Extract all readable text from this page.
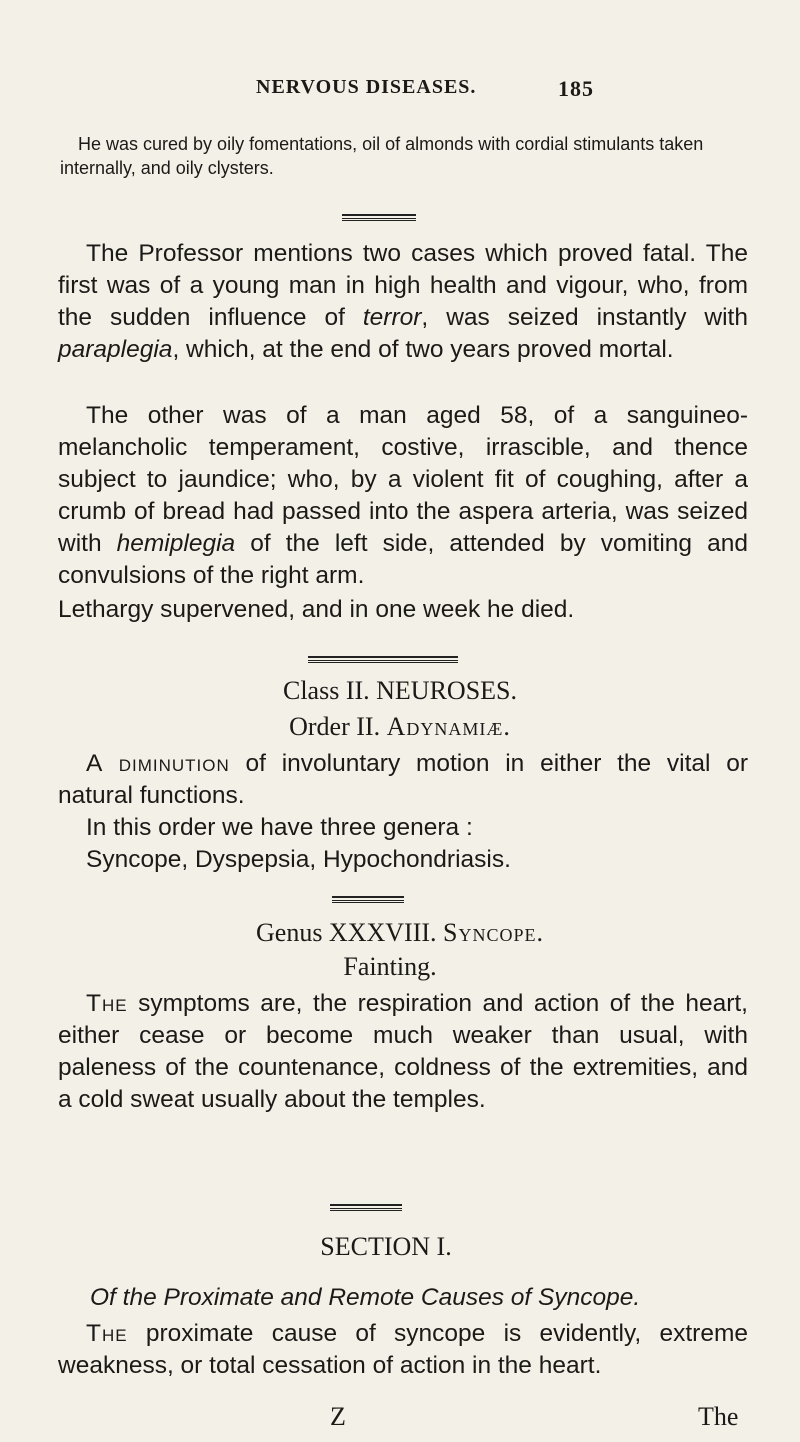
NERVOUS DISEASES.	185
He was cured by oily fomentations, oil of almonds with cordial stimulants taken internally, and oily clysters.

The Professor mentions two cases which proved fatal. The first was of a young man in high health and vigour, who, from the sudden influence of terror, was seized instantly with paraplegia, which, at the end of two years proved mortal.

The other was of a man aged 58, of a sanguineo-melancholic temperament, costive, irrascible, and thence subject to jaundice; who, by a violent fit of coughing, after a crumb of bread had passed into the aspera arteria, was seized with hemiplegia of the left side, attended by vomiting and convulsions of the right arm.

Lethargy supervened, and in one week he died.

Class II. NEUROSES.
Order II. Adynamiæ.

A diminution of involuntary motion in either the vital or natural functions.

In this order we have three genera :

Syncope, Dyspepsia, Hypochondriasis.

Genus XXXVIII. Syncope.
Fainting.

The symptoms are, the respiration and action of the heart, either cease or become much weaker than usual, with paleness of the countenance, coldness of the extremities, and a cold sweat usually about the temples.

SECTION I.

Of the Proximate and Remote Causes of Syncope.

The proximate cause of syncope is evidently, extreme weakness, or total cessation of action in the heart.

Z	The
